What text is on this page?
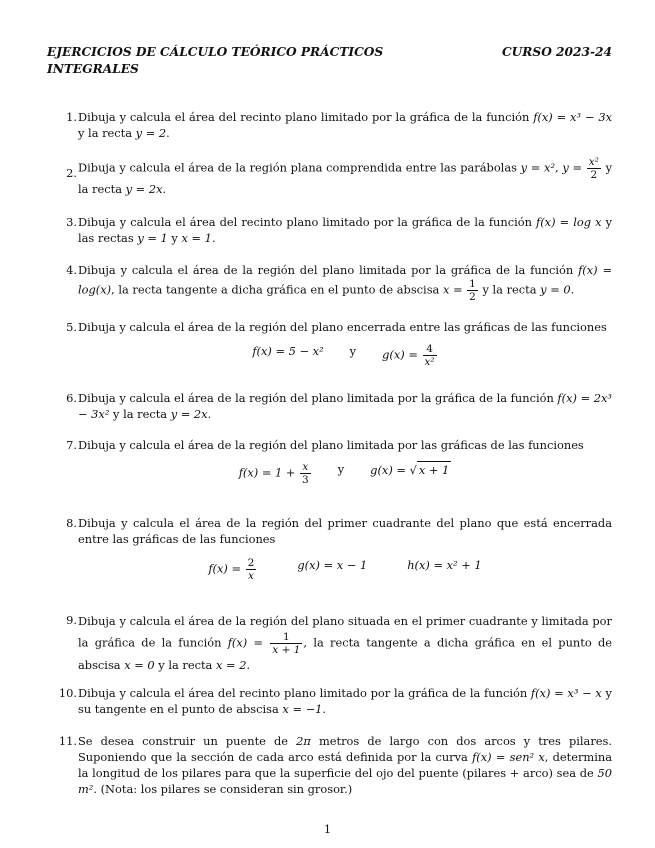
EJERCICIOS DE CÁLCULO TEÓRICO PRÁCTICOS	CURSO 2023-24
INTEGRALES
1. Dibuja y calcula el área del recinto plano limitado por la gráfica de la función f(x) = x³ − 3x y la recta y = 2.

2. Dibuja y calcula el área de la región plana comprendida entre las parábolas y = x², $y = \frac{\text{x²}}{2}$ y la recta y = 2x.

3. Dibuja y calcula el área del recinto plano limitado por la gráfica de la función f(x) = log x y las rectas y = 1 y x = 1.

4. Dibuja y calcula el área de la región del plano limitada por la gráfica de la función f(x) = log(x), la recta tangente a dicha gráfica en el punto de abscisa $x = \frac{1}{2}$ y la recta y = 0.

5. Dibuja y calcula el área de la región del plano encerrada entre las gráficas de las funciones

f(x) = 5 − x² y $g(x) = \frac{4}{\text{x²}}$
6. Dibuja y calcula el área de la región del plano limitada por la gráfica de la función f(x) = 2x³ − 3x² y la recta y = 2x.

7. Dibuja y calcula el área de la región del plano limitada por las gráficas de las funciones

$f(x) = 1 + \frac{x}{3}$ y g(x) = √ x + 1
8. Dibuja y calcula el área de la región del primer cuadrante del plano que está encerrada entre las gráficas de las funciones

$f(x) = \frac{2}{x}$	g(x) = x − 1	h(x) = x² + 1
9. Dibuja y calcula el área de la región del plano situada en el primer cuadrante y limitada por la gráfica de la función $f(x) = \frac{1}{x + 1}$ , la recta tangente a dicha gráfica en el punto de abscisa x = 0 y la recta x = 2.

10. Dibuja y calcula el área del recinto plano limitado por la gráfica de la función f(x) = x³ − x y su tangente en el punto de abscisa x = −1.

11. Se desea construir un puente de 2π metros de largo con dos arcos y tres pilares. Suponiendo que la sección de cada arco está definida por la curva f(x) = sen² x, determina la longitud de los pilares para que la superficie del ojo del puente (pilares + arco) sea de 50 m². (Nota: los pilares se consideran sin grosor.)

1
